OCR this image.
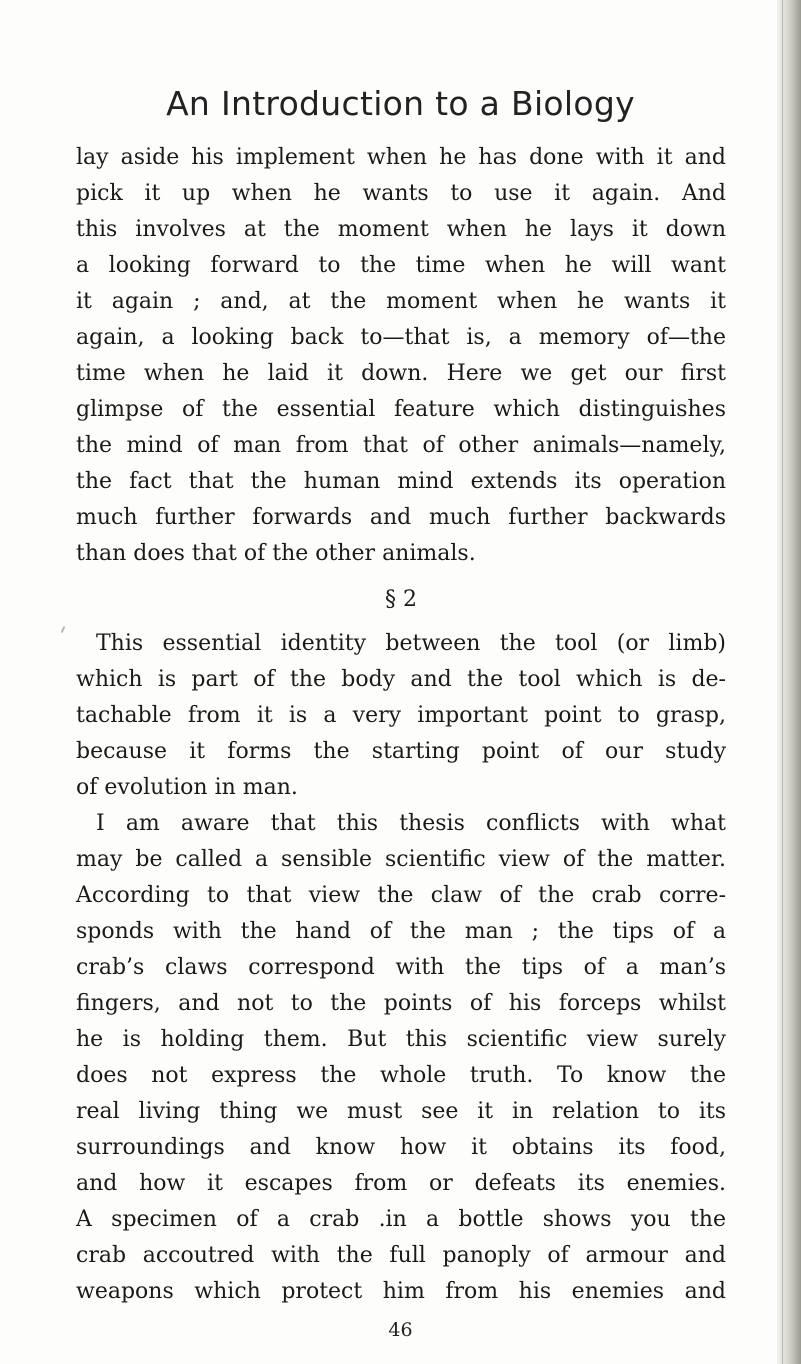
An Introduction to a Biology
lay aside his implement when he has done with it and
pick it up when he wants to use it again. And
this involves at the moment when he lays it down
a looking forward to the time when he will want
it again ; and, at the moment when he wants it
again, a looking back to—that is, a memory of—the
time when he laid it down. Here we get our first
glimpse of the essential feature which distinguishes
the mind of man from that of other animals—namely,
the fact that the human mind extends its operation
much further forwards and much further backwards
than does that of the other animals.
§ 2
This essential identity between the tool (or limb)
which is part of the body and the tool which is de-
tachable from it is a very important point to grasp,
because it forms the starting point of our study
of evolution in man.
I am aware that this thesis conflicts with what
may be called a sensible scientific view of the matter.
According to that view the claw of the crab corre-
sponds with the hand of the man ; the tips of a
crab’s claws correspond with the tips of a man’s
fingers, and not to the points of his forceps whilst
he is holding them. But this scientific view surely
does not express the whole truth. To know the
real living thing we must see it in relation to its
surroundings and know how it obtains its food,
and how it escapes from or defeats its enemies.
A specimen of a crab .in a bottle shows you the
crab accoutred with the full panoply of armour and
weapons which protect him from his enemies and
46
